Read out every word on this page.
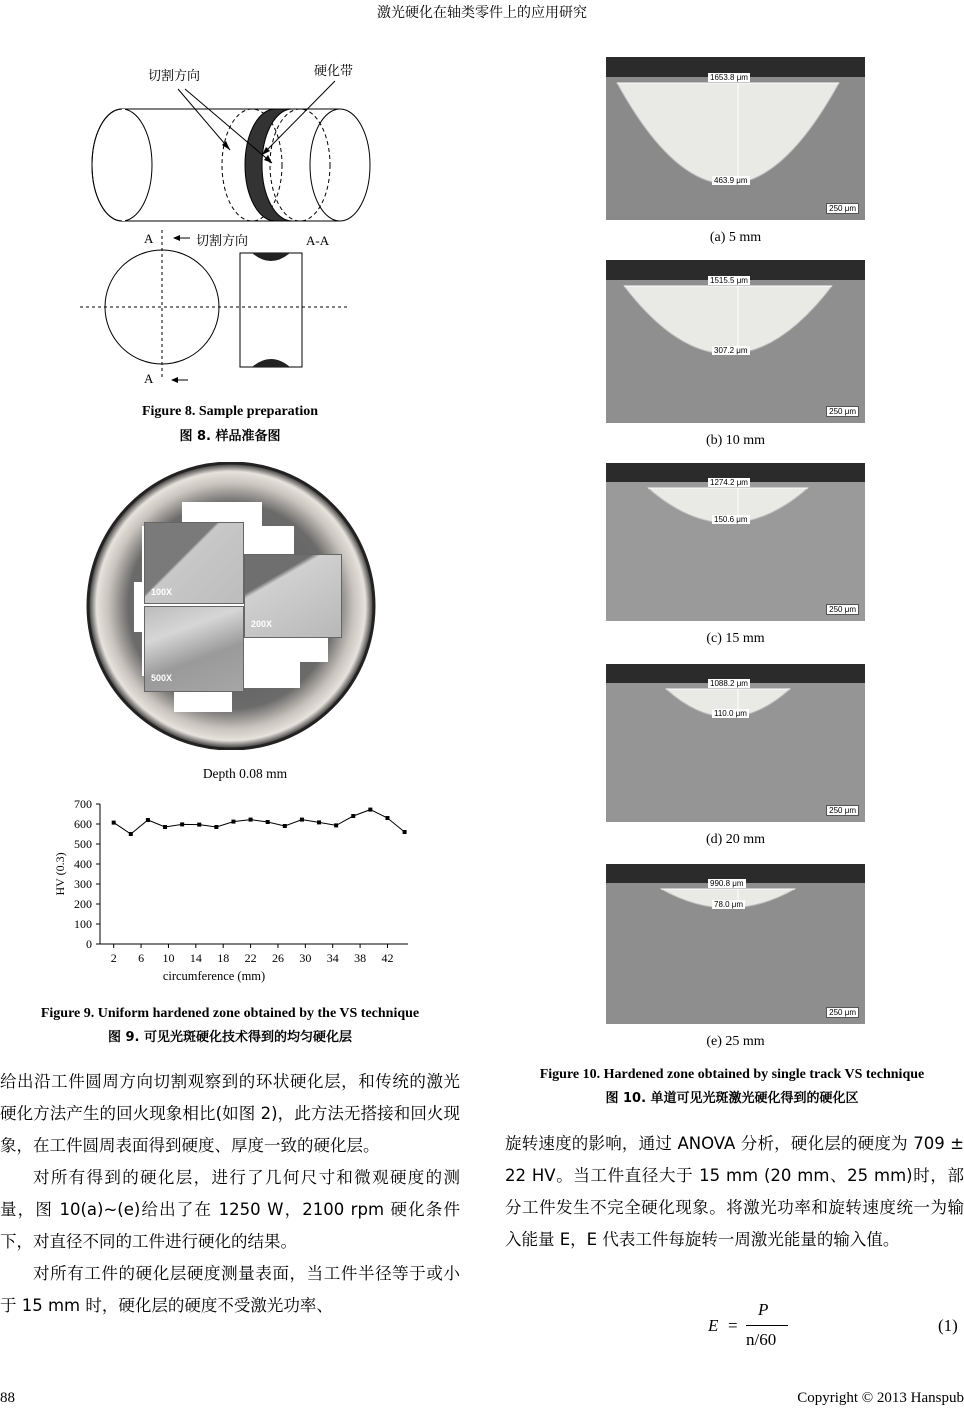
激光硬化在轴类零件上的应用研究
切割方向	硬化带
A	切割方向	A-A
A
Figure 8. Sample preparation
图 8. 样品准备图
100X
200X
500X
Depth 0.08 mm
0
100
200
300
400
500
600
700
2 6 10 14 18 22 26 30 34 38 42
HV (0.3)
circumference (mm)
Figure 9. Uniform hardened zone obtained by the VS technique
图 9. 可见光斑硬化技术得到的均匀硬化层
1653.8 μm
463.9 μm
250 μm
(a) 5 mm
1515.5 μm
307.2 μm
250 μm
(b) 10 mm
1274.2 μm
150.6 μm
250 μm
(c) 15 mm
1088.2 μm
110.0 μm
250 μm
(d) 20 mm
990.8 μm
78.0 μm
250 μm
(e) 25 mm
Figure 10. Hardened zone obtained by single track VS technique
图 10. 单道可见光斑激光硬化得到的硬化区

给出沿工件圆周方向切割观察到的环状硬化层，和传统的激光硬化方法产生的回火现象相比(如图 2)，此方法无搭接和回火现象，在工件圆周表面得到硬度、厚度一致的硬化层。

对所有得到的硬化层，进行了几何尺寸和微观硬度的测量，图 10(a)~(e)给出了在 1250 W，2100 rpm 硬化条件下，对直径不同的工件进行硬化的结果。

对所有工件的硬化层硬度测量表面，当工件半径等于或小于 15 mm 时，硬化层的硬度不受激光功率、

旋转速度的影响，通过 ANOVA 分析，硬化层的硬度为 709 ± 22 HV。当工件直径大于 15 mm (20 mm、25 mm)时，部分工件发生不完全硬化现象。将激光功率和旋转速度统一为输入能量 E，E 代表工件每旋转一周激光能量的输入值。

E =
P
n/60
(1)
88	Copyright © 2013 Hanspub
